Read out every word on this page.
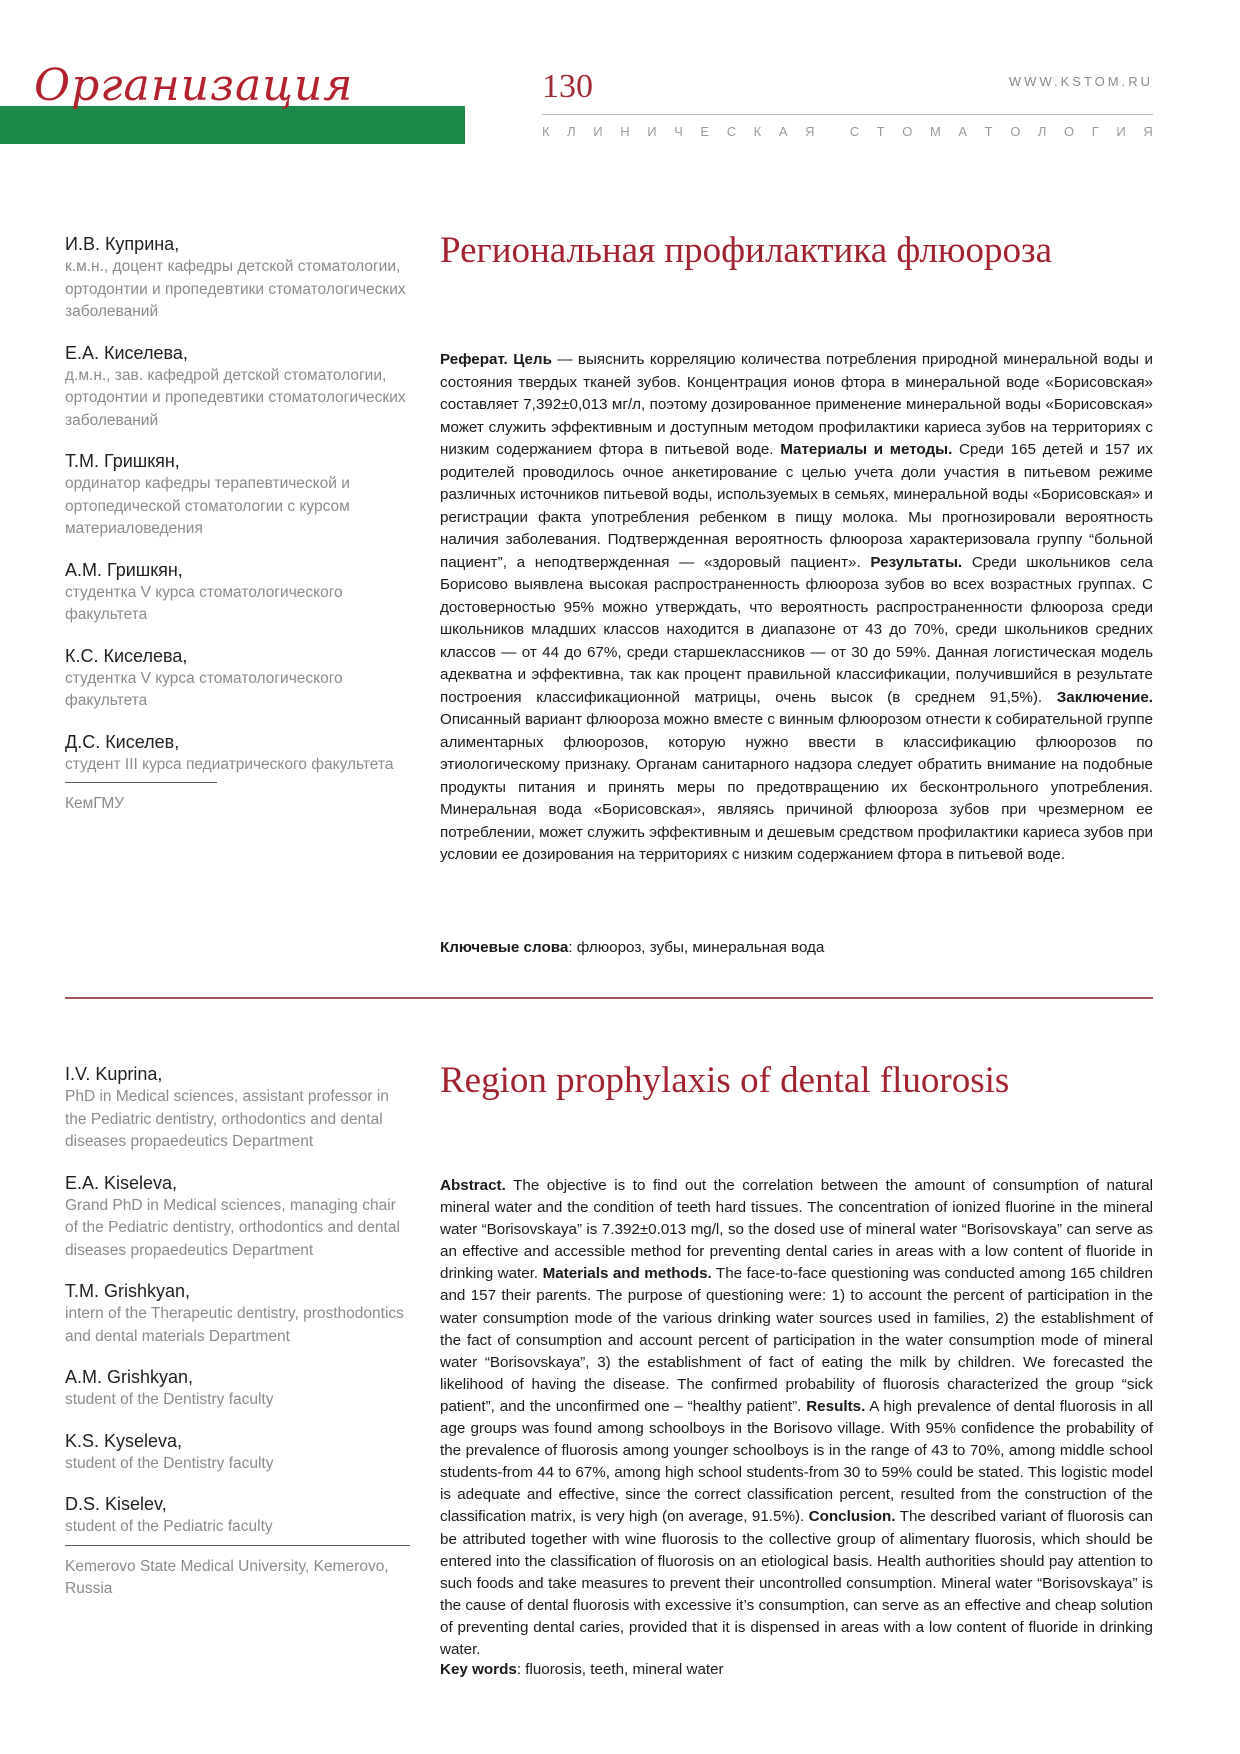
Организация	130	WWW.KSTOM.RU
К Л И Н И Ч Е С К А Я	С Т О М А Т О Л О Г И Я
И.В. Куприна,
к.м.н., доцент кафедры детской стоматологии, ортодонтии и пропедевтики стоматологических заболеваний
Е.А. Киселева,
д.м.н., зав. кафедрой детской стоматологии, ортодонтии и пропедевтики стоматологических заболеваний
Т.М. Гришкян,
ординатор кафедры терапевтической и ортопедической стоматологии с курсом материаловедения
А.М. Гришкян,
студентка V курса стоматологического факультета
К.С. Киселева,
студентка V курса стоматологического факультета
Д.С. Киселев,
студент III курса педиатрического факультета
КемГМУ
Региональная профилактика флюороза
Реферат. Цель — выяснить корреляцию количества потребления природной минеральной воды и состояния твердых тканей зубов. Концентрация ионов фтора в минеральной воде «Борисовская» составляет 7,392±0,013 мг/л, поэтому дозированное применение минеральной воды «Борисовская» может служить эффективным и доступным методом профилактики кариеса зубов на территориях с низким содержанием фтора в питьевой воде. Материалы и методы. Среди 165 детей и 157 их родителей проводилось очное анкетирование с целью учета доли участия в питьевом режиме различных источников питьевой воды, используемых в семьях, минеральной воды «Борисовская» и регистрации факта употребления ребенком в пищу молока. Мы прогнозировали вероятность наличия заболевания. Подтвержденная вероятность флюороза характеризовала группу “больной пациент”, а неподтвержденная — «здоровый пациент». Результаты. Среди школьников села Борисово выявлена высокая распространенность флюороза зубов во всех возрастных группах. С достоверностью 95% можно утверждать, что вероятность распространенности флюороза среди школьников младших классов находится в диапазоне от 43 до 70%, среди школьников средних классов — от 44 до 67%, среди старшеклассников — от 30 до 59%. Данная логистическая модель адекватна и эффективна, так как процент правильной классификации, получившийся в результате построения классификационной матрицы, очень высок (в среднем 91,5%). Заключение. Описанный вариант флюороза можно вместе с винным флюорозом отнести к собирательной группе алиментарных флюорозов, которую нужно ввести в классификацию флюорозов по этиологическому признаку. Органам санитарного надзора следует обратить внимание на подобные продукты питания и принять меры по предотвращению их бесконтрольного употребления. Минеральная вода «Борисовская», являясь причиной флюороза зубов при чрезмерном ее потреблении, может служить эффективным и дешевым средством профилактики кариеса зубов при условии ее дозирования на территориях с низким содержанием фтора в питьевой воде.
Ключевые слова: флюороз, зубы, минеральная вода
I.V. Kuprina,
PhD in Medical sciences, assistant professor in the Pediatric dentistry, orthodontics and dental diseases propaedeutics Department
E.A. Kiseleva,
Grand PhD in Medical sciences, managing chair of the Pediatric dentistry, orthodontics and dental diseases propaedeutics Department
T.M. Grishkyan,
intern of the Therapeutic dentistry, prosthodontics and dental materials Department
A.M. Grishkyan,
student of the Dentistry faculty
K.S. Kyseleva,
student of the Dentistry faculty
D.S. Kiselev,
student of the Pediatric faculty
Kemerovo State Medical University, Kemerovo, Russia
Region prophylaxis of dental fluorosis
Abstract. The objective is to find out the correlation between the amount of consumption of natural mineral water and the condition of teeth hard tissues. The concentration of ionized fluorine in the mineral water “Borisovskaya” is 7.392±0.013 mg/l, so the dosed use of mineral water “Borisovskaya” can serve as an effective and accessible method for preventing dental caries in areas with a low content of fluoride in drinking water. Materials and methods. The face-to-face questioning was conducted among 165 children and 157 their parents. The purpose of questioning were: 1) to account the percent of participation in the water consumption mode of the various drinking water sources used in families, 2) the establishment of the fact of consumption and account percent of participation in the water consumption mode of mineral water “Borisovskaya”, 3) the establishment of fact of eating the milk by children. We forecasted the likelihood of having the disease. The confirmed probability of fluorosis characterized the group “sick patient”, and the unconfirmed one – “healthy patient”. Results. A high prevalence of dental fluorosis in all age groups was found among schoolboys in the Borisovo village. With 95% confidence the probability of the prevalence of fluorosis among younger schoolboys is in the range of 43 to 70%, among middle school students-from 44 to 67%, among high school students-from 30 to 59% could be stated. This logistic model is adequate and effective, since the correct classification percent, resulted from the construction of the classification matrix, is very high (on average, 91.5%). Conclusion. The described variant of fluorosis can be attributed together with wine fluorosis to the collective group of alimentary fluorosis, which should be entered into the classification of fluorosis on an etiological basis. Health authorities should pay attention to such foods and take measures to prevent their uncontrolled consumption. Mineral water “Borisovskaya” is the cause of dental fluorosis with excessive it’s consumption, can serve as an effective and cheap solution of preventing dental caries, provided that it is dispensed in areas with a low content of fluoride in drinking water.
Key words: fluorosis, teeth, mineral water
